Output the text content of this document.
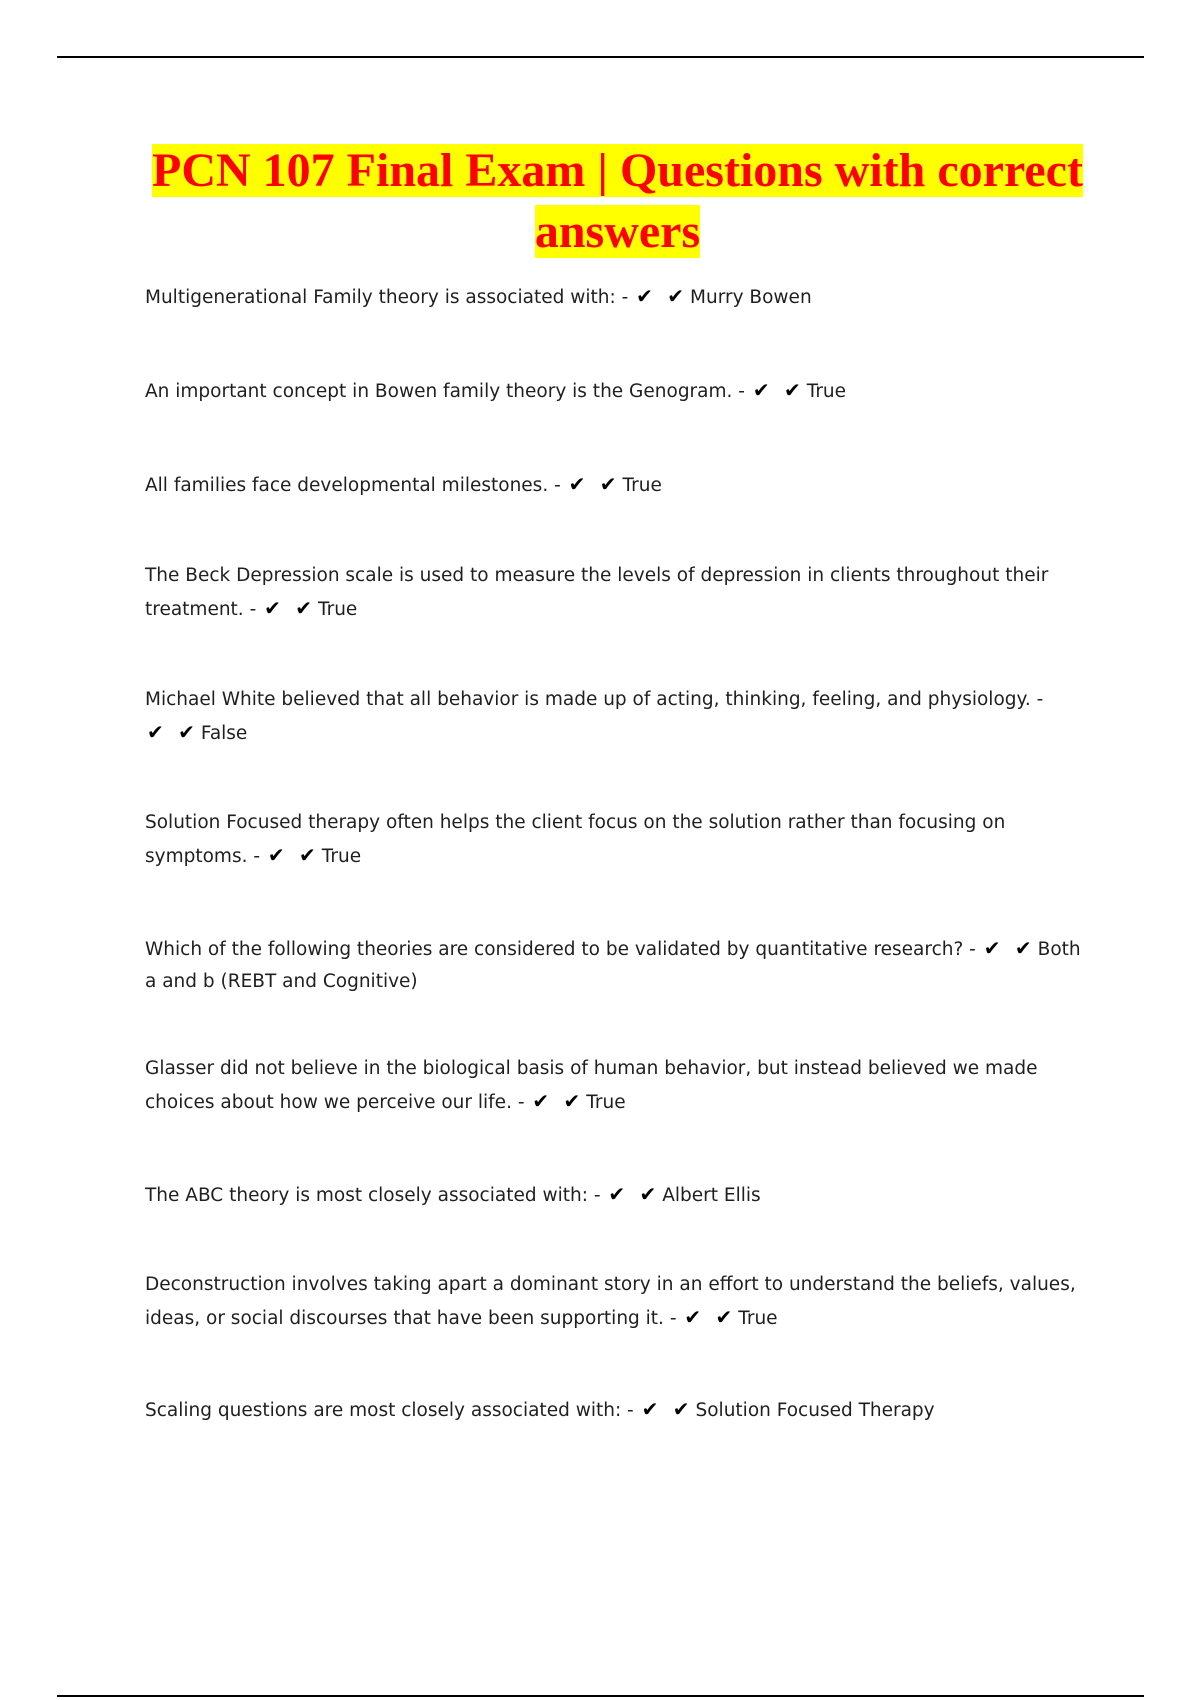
PCN 107 Final Exam | Questions with correct answers

Multigenerational Family theory is associated with: - ✔ ✔ Murry Bowen

An important concept in Bowen family theory is the Genogram. - ✔ ✔ True

All families face developmental milestones. - ✔ ✔ True

The Beck Depression scale is used to measure the levels of depression in clients throughout their treatment. - ✔ ✔ True

Michael White believed that all behavior is made up of acting, thinking, feeling, and physiology. - ✔ ✔ False

Solution Focused therapy often helps the client focus on the solution rather than focusing on symptoms. - ✔ ✔ True

Which of the following theories are considered to be validated by quantitative research? - ✔ ✔ Both a and b (REBT and Cognitive)

Glasser did not believe in the biological basis of human behavior, but instead believed we made choices about how we perceive our life. - ✔ ✔ True

The ABC theory is most closely associated with: - ✔ ✔ Albert Ellis

Deconstruction involves taking apart a dominant story in an effort to understand the beliefs, values, ideas, or social discourses that have been supporting it. - ✔ ✔ True

Scaling questions are most closely associated with: - ✔ ✔ Solution Focused Therapy
